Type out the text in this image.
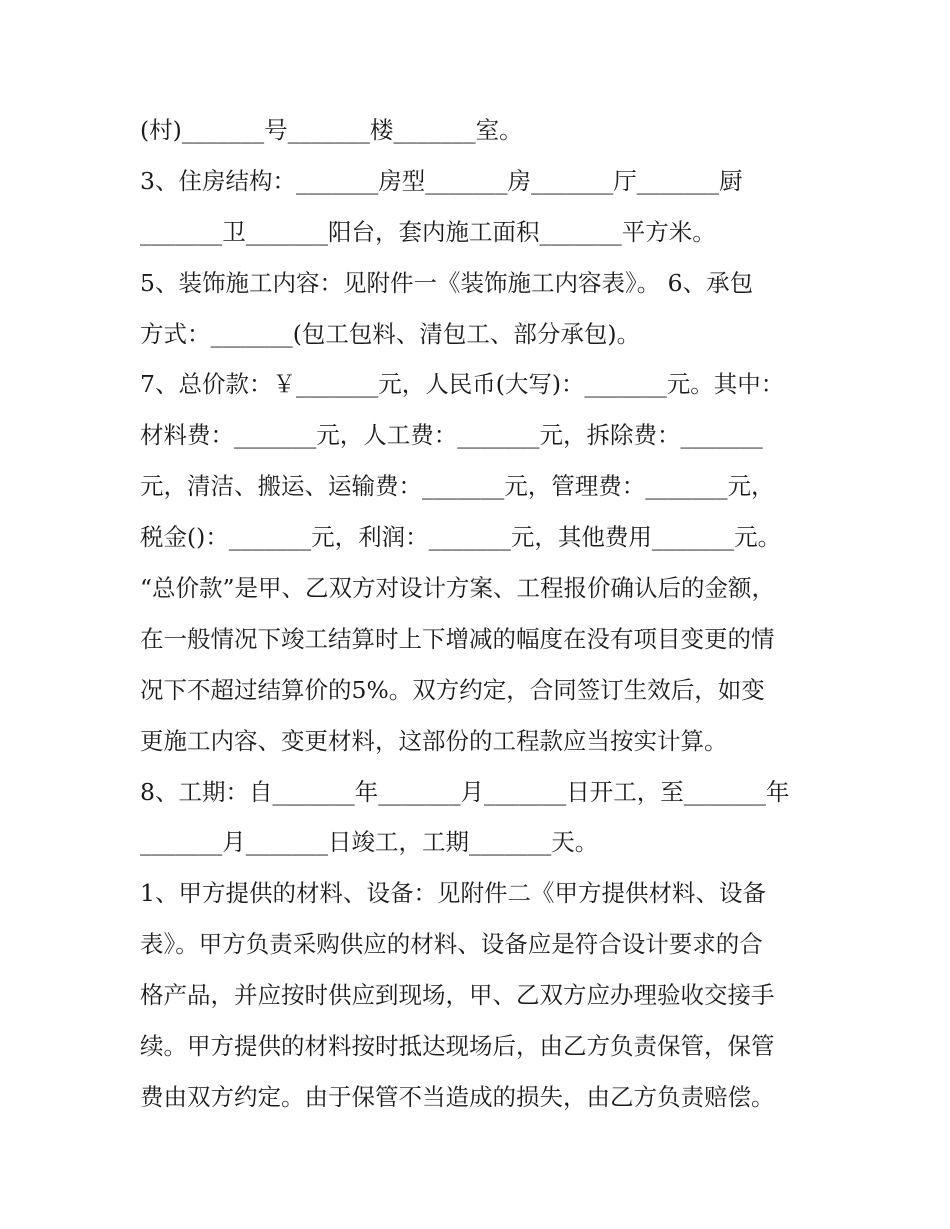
(村)_______号_______楼_______室。
3、住房结构：_______房型_______房_______厅_______厨
_______卫_______阳台，套内施工面积_______平方米。
5、装饰施工内容：见附件一《装饰施工内容表》。 6、承包
方式：_______(包工包料、清包工、部分承包)。
7、总价款：￥_______元，人民币(大写)：_______元。其中：
材料费：_______元，人工费：_______元，拆除费：_______
元，清洁、搬运、运输费：_______元，管理费：_______元，
税金()：_______元，利润：_______元，其他费用_______元。
“总价款”是甲、乙双方对设计方案、工程报价确认后的金额，
在一般情况下竣工结算时上下增减的幅度在没有项目变更的情
况下不超过结算价的5%。双方约定，合同签订生效后，如变
更施工内容、变更材料，这部份的工程款应当按实计算。
8、工期：自_______年_______月_______日开工，至_______年
_______月_______日竣工，工期_______天。
1、甲方提供的材料、设备：见附件二《甲方提供材料、设备
表》。甲方负责采购供应的材料、设备应是符合设计要求的合
格产品，并应按时供应到现场，甲、乙双方应办理验收交接手
续。甲方提供的材料按时抵达现场后，由乙方负责保管，保管
费由双方约定。由于保管不当造成的损失，由乙方负责赔偿。
